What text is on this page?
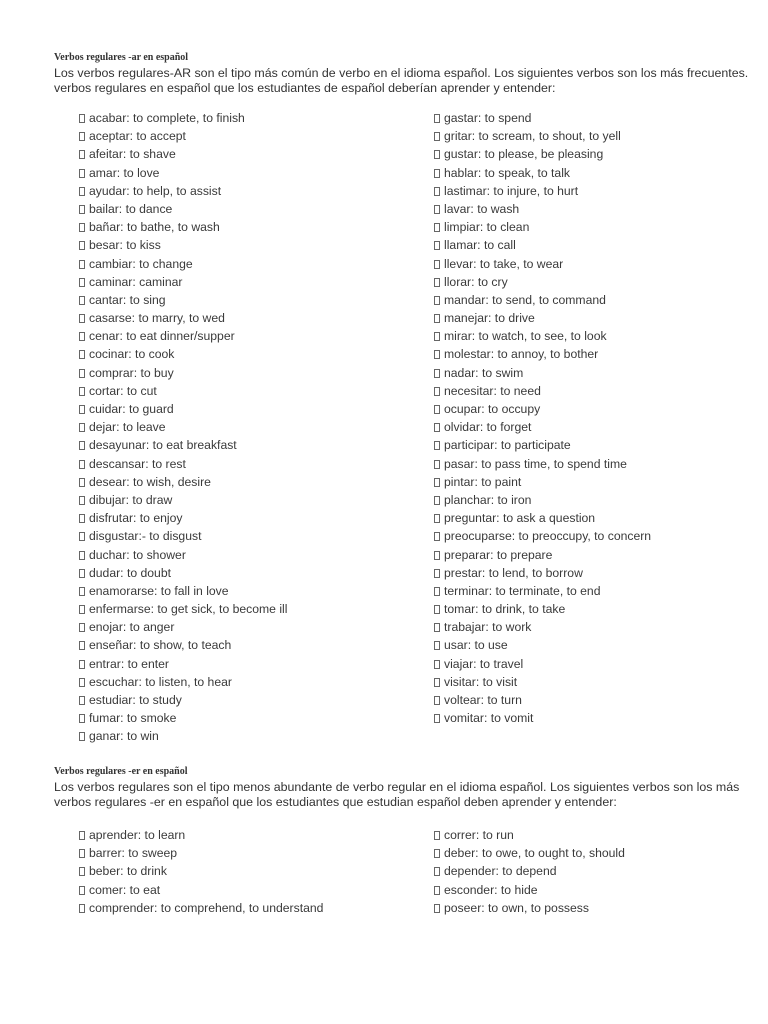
Verbos regulares -ar en español

Los verbos regulares-AR son el tipo más común de verbo en el idioma español. Los siguientes verbos son los más frecuentes.

verbos regulares en español que los estudiantes de español deberían aprender y entender:

acabar: to complete, to finish
aceptar: to accept
afeitar: to shave
amar: to love
ayudar: to help, to assist
bailar: to dance
bañar: to bathe, to wash
besar: to kiss
cambiar: to change
caminar: caminar
cantar: to sing
casarse: to marry, to wed
cenar: to eat dinner/supper
cocinar: to cook
comprar: to buy
cortar: to cut
cuidar: to guard
dejar: to leave
desayunar: to eat breakfast
descansar: to rest
desear: to wish, desire
dibujar: to draw
disfrutar: to enjoy
disgustar:- to disgust
duchar: to shower
dudar: to doubt
enamorarse: to fall in love
enfermarse: to get sick, to become ill
enojar: to anger
enseñar: to show, to teach
entrar: to enter
escuchar: to listen, to hear
estudiar: to study
fumar: to smoke
ganar: to win
gastar: to spend
gritar: to scream, to shout, to yell
gustar: to please, be pleasing
hablar: to speak, to talk
lastimar: to injure, to hurt
lavar: to wash
limpiar: to clean
llamar: to call
llevar: to take, to wear
llorar: to cry
mandar: to send, to command
manejar: to drive
mirar: to watch, to see, to look
molestar: to annoy, to bother
nadar: to swim
necesitar: to need
ocupar: to occupy
olvidar: to forget
participar: to participate
pasar: to pass time, to spend time
pintar: to paint
planchar: to iron
preguntar: to ask a question
preocuparse: to preoccupy, to concern
preparar: to prepare
prestar: to lend, to borrow
terminar: to terminate, to end
tomar: to drink, to take
trabajar: to work
usar: to use
viajar: to travel
visitar: to visit
voltear: to turn
vomitar: to vomit

Verbos regulares -er en español

Los verbos regulares son el tipo menos abundante de verbo regular en el idioma español. Los siguientes verbos son los más

verbos regulares -er en español que los estudiantes que estudian español deben aprender y entender:

aprender: to learn
barrer: to sweep
beber: to drink
comer: to eat
comprender: to comprehend, to understand
correr: to run
deber: to owe, to ought to, should
depender: to depend
esconder: to hide
poseer: to own, to possess
